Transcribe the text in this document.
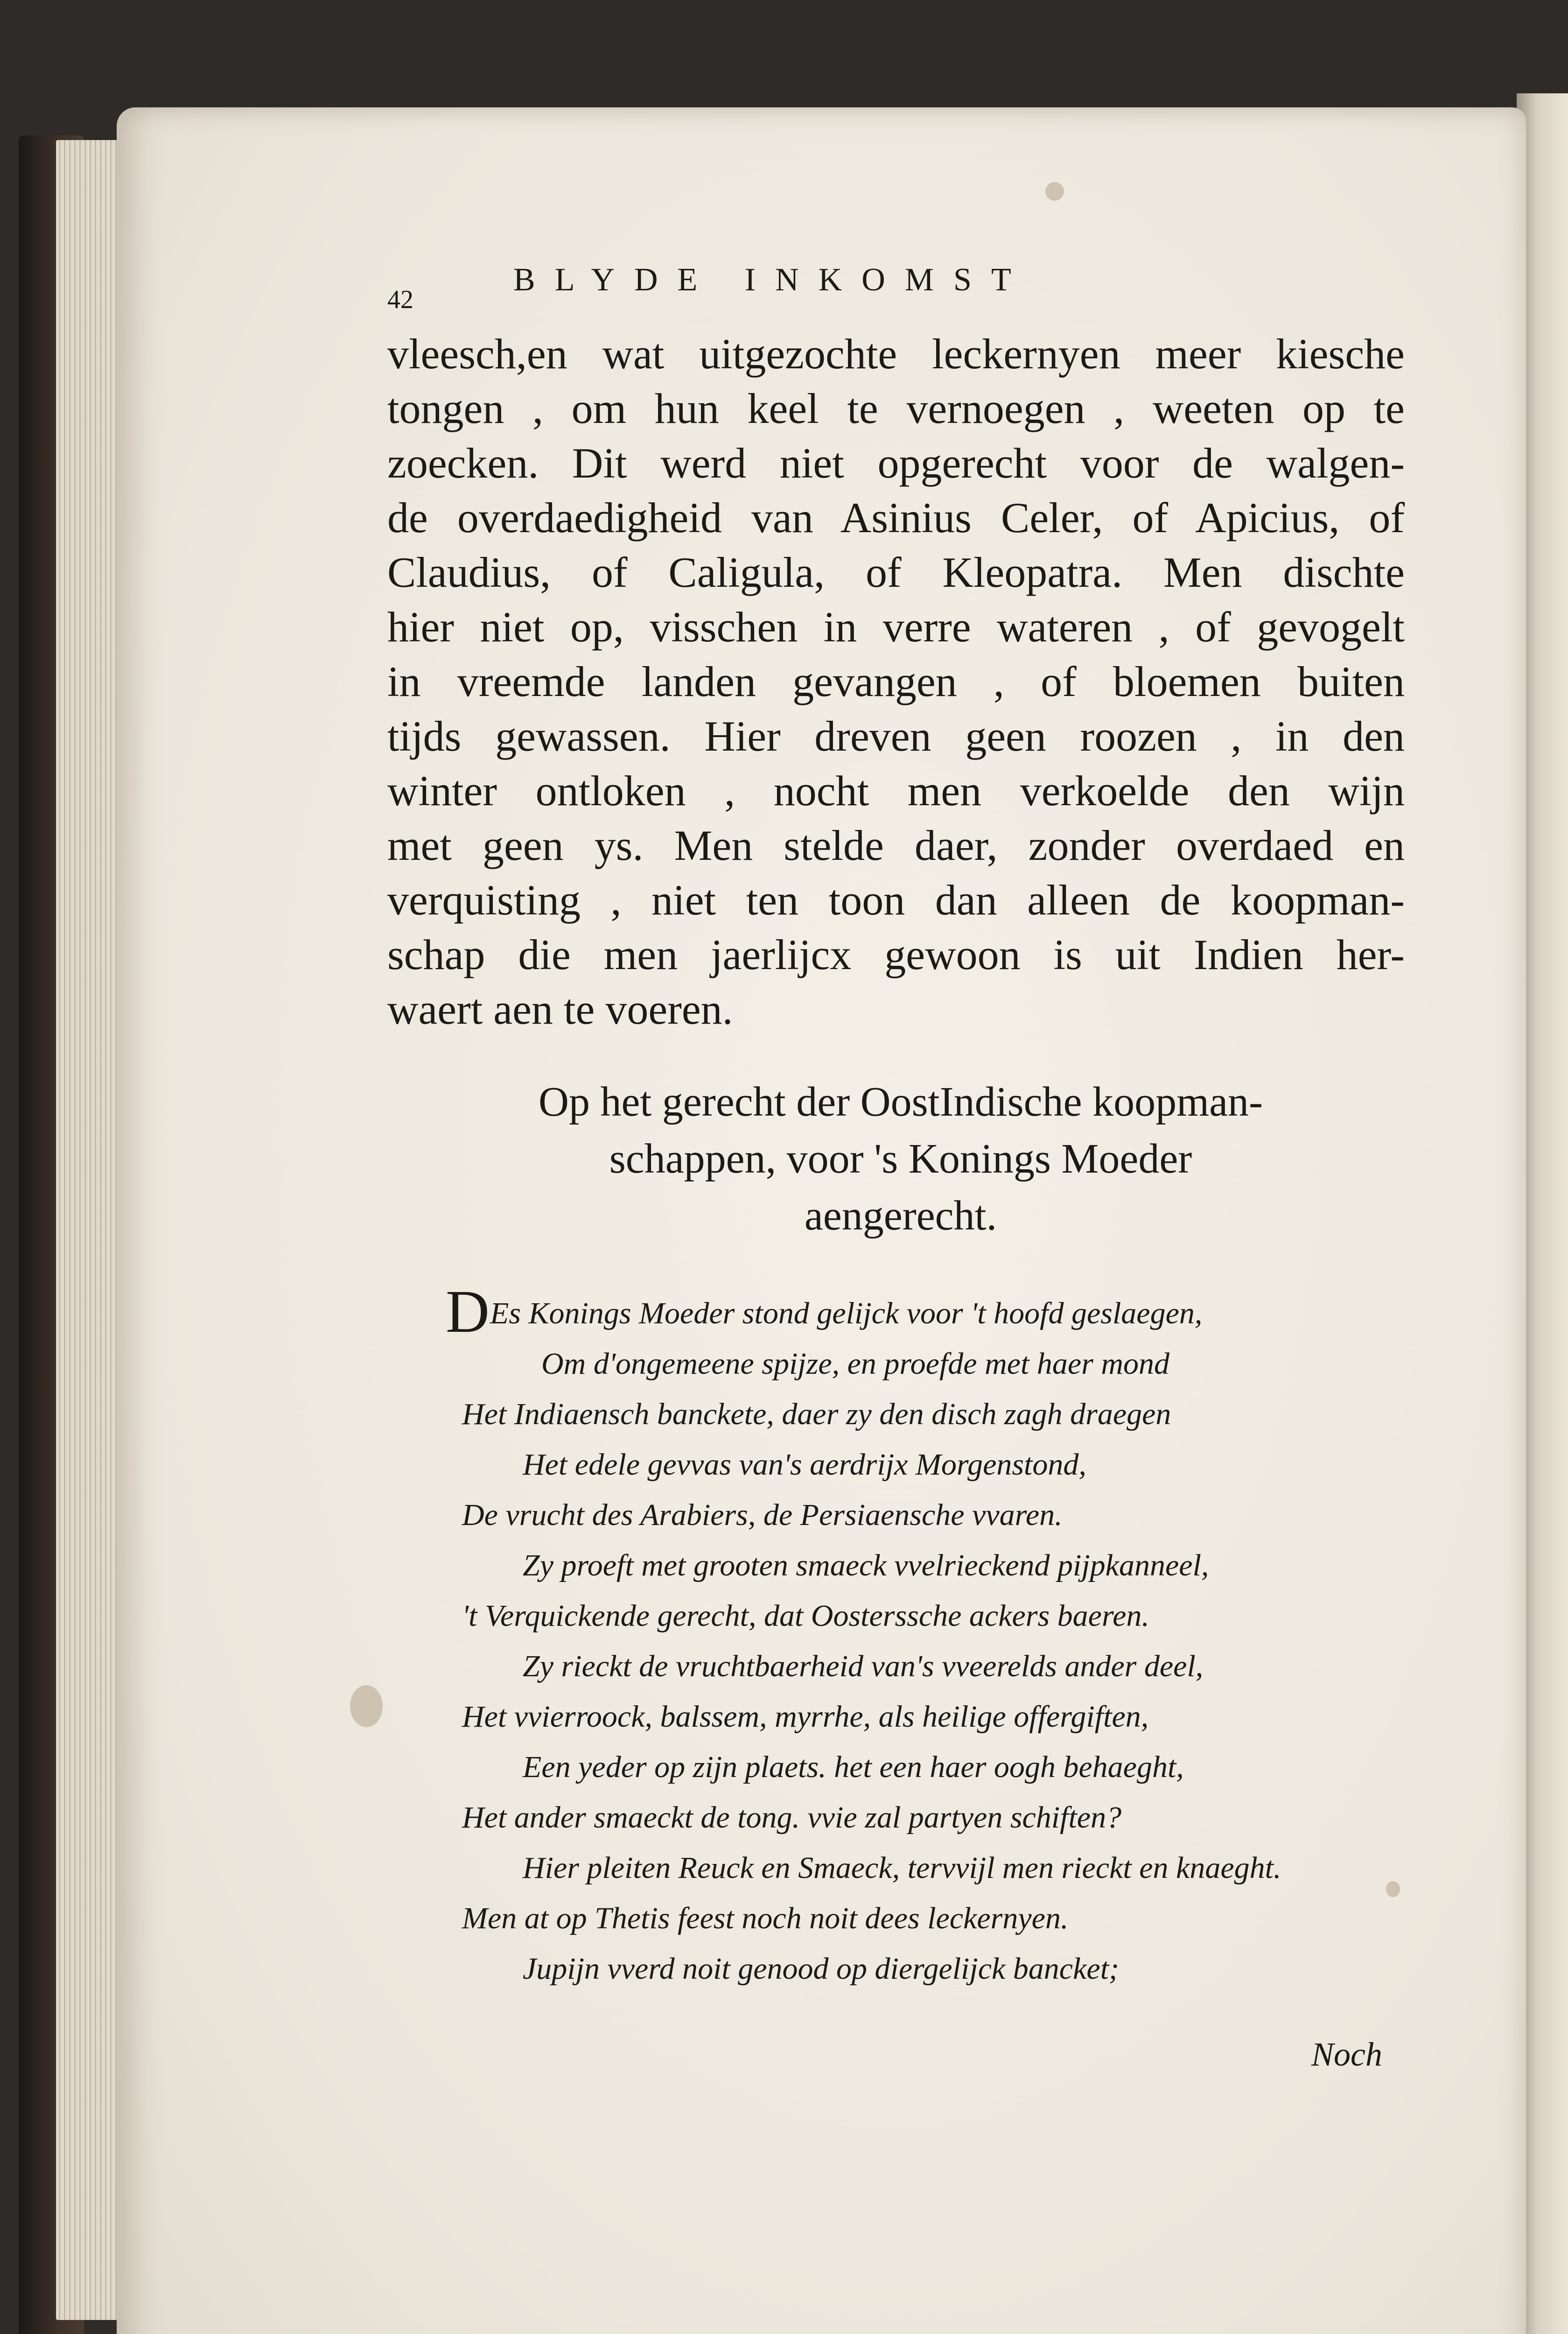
42
BLYDE INKOMST
vleesch,en wat uitgezochte leckernyen meer kiesche
tongen , om hun keel te vernoegen , weeten op te
zoecken. Dit werd niet opgerecht voor de walgen-
de overdaedigheid van Asinius Celer, of Apicius, of
Claudius, of Caligula, of Kleopatra. Men dischte
hier niet op, visschen in verre wateren , of gevogelt
in vreemde landen gevangen , of bloemen buiten
tijds gewassen. Hier dreven geen roozen , in den
winter ontloken , nocht men verkoelde den wijn
met geen ys. Men stelde daer, zonder overdaed en
verquisting , niet ten toon dan alleen de koopman-
schap die men jaerlijcx gewoon is uit Indien her-
waert aen te voeren.
Op het gerecht der OostIndische koopman-
schappen, voor 's Konings Moeder
aengerecht.
D Es Konings Moeder stond gelijck voor 't hoofd geslaegen,
Om d'ongemeene spijze, en proefde met haer mond
Het Indiaensch banckete, daer zy den disch zagh draegen
Het edele gevvas van's aerdrijx Morgenstond,
De vrucht des Arabiers, de Persiaensche vvaren.
Zy proeft met grooten smaeck vvelrieckend pijpkanneel,
't Verquickende gerecht, dat Oosterssche ackers baeren.
Zy rieckt de vruchtbaerheid van's vveerelds ander deel,
Het vvierroock, balssem, myrrhe, als heilige offergiften,
Een yeder op zijn plaets. het een haer oogh behaeght,
Het ander smaeckt de tong. vvie zal partyen schiften?
Hier pleiten Reuck en Smaeck, tervvijl men rieckt en knaeght.
Men at op Thetis feest noch noit dees leckernyen.
Jupijn vverd noit genood op diergelijck bancket;
Noch
